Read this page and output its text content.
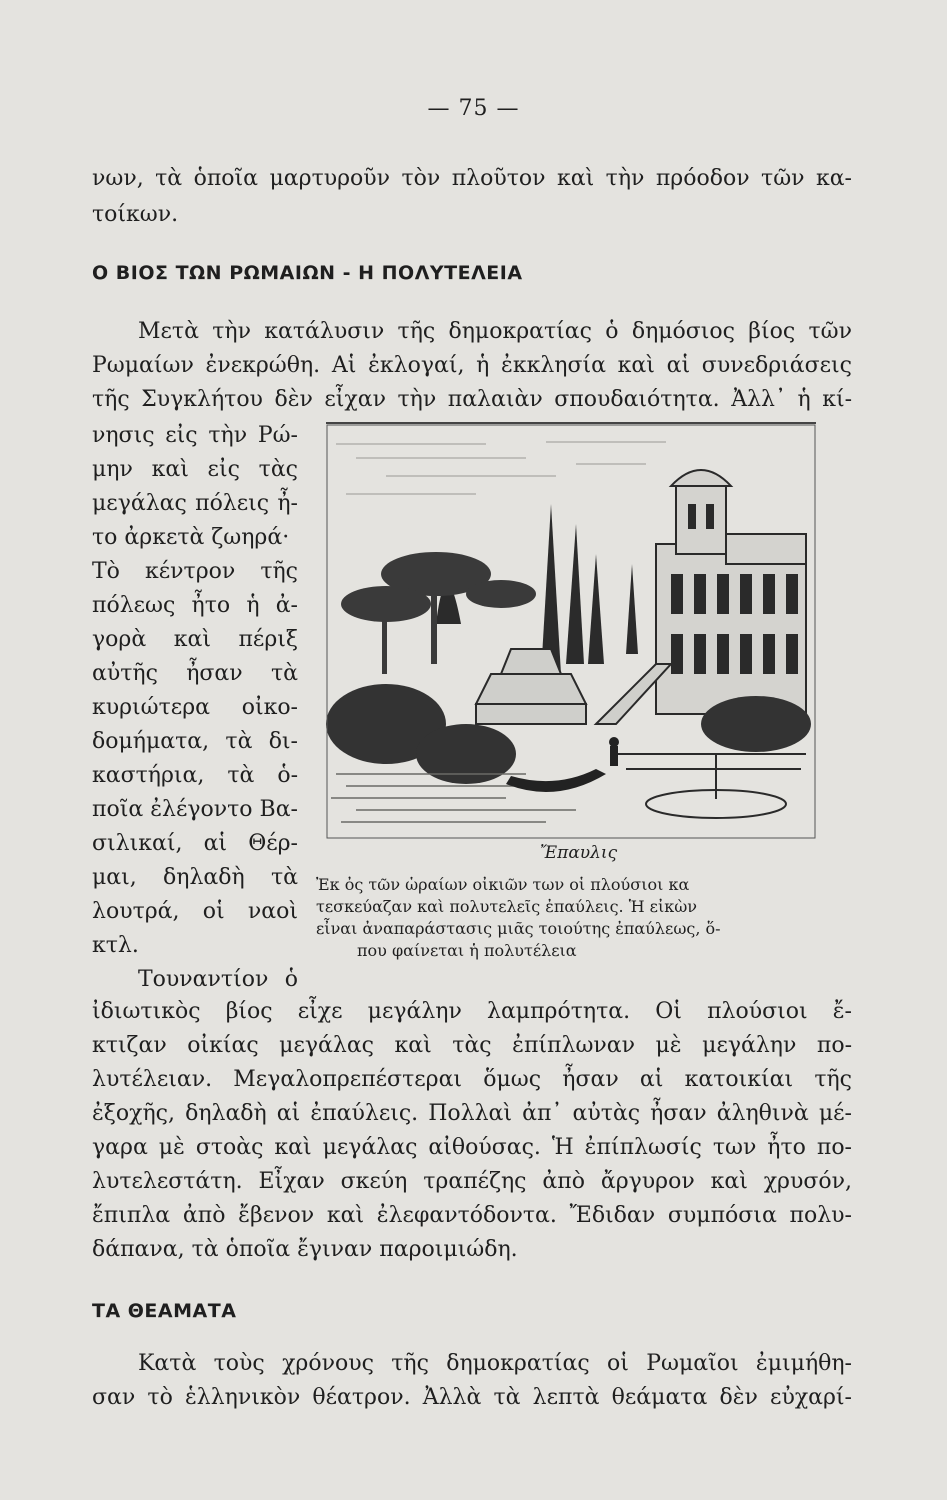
— 75 —
νων, τὰ ὁποῖα μαρτυροῦν τὸν πλοῦτον καὶ τὴν πρόοδον τῶν κα-
τοίκων.
Ο ΒΙΟΣ ΤΩΝ ΡΩΜΑΙΩΝ - Η ΠΟΛΥΤΕΛΕΙΑ
Μετὰ τὴν κατάλυσιν τῆς δημοκρατίας ὁ δημόσιος βίος τῶν
Ρωμαίων ἐνεκρώθη. Αἱ ἐκλογαί, ἡ ἐκκλησία καὶ αἱ συνεδριάσεις
τῆς Συγκλήτου δὲν εἶχαν τὴν παλαιὰν σπουδαιότητα. Ἀλλ᾽ ἡ κί-
νησις εἰς τὴν Ρώ-
μην καὶ εἰς τὰς
μεγάλας πόλεις ἦ-
το ἀρκετὰ ζωηρά·
Τὸ κέντρον τῆς
πόλεως ἦτο ἡ ἀ-
γορὰ καὶ πέριξ
αὐτῆς ἦσαν τὰ
κυριώτερα οἰκο-
δομήματα, τὰ δι-
καστήρια, τὰ ὁ-
ποῖα ἐλέγοντο Βα-
σιλικαί, αἱ Θέρ-
μαι, δηλαδὴ τὰ
λουτρά, οἱ ναοὶ
κτλ.
Τουναντίον ὁ
Ἔπαυλις
Ἐκ ὀς τῶν ὡραίων οἰκιῶν των οἱ πλούσιοι κα
τεσκεύαζαν καὶ πολυτελεῖς ἐπαύλεις. Ἡ εἰκὼν
εἶναι ἀναπαράστασις μιᾶς τοιούτης ἐπαύλεως, ὅ-
που φαίνεται ἡ πολυτέλεια
ἰδιωτικὸς βίος εἶχε μεγάλην λαμπρότητα. Οἱ πλούσιοι ἔ-
κτιζαν οἰκίας μεγάλας καὶ τὰς ἐπίπλωναν μὲ μεγάλην πο-
λυτέλειαν. Μεγαλοπρεπέστεραι ὅμως ἦσαν αἱ κατοικίαι τῆς
ἐξοχῆς, δηλαδὴ αἱ ἐπαύλεις. Πολλαὶ ἀπ᾽ αὐτὰς ἦσαν ἀληθινὰ μέ-
γαρα μὲ στοὰς καὶ μεγάλας αἰθούσας. Ἡ ἐπίπλωσίς των ἦτο πο-
λυτελεστάτη. Εἶχαν σκεύη τραπέζης ἀπὸ ἄργυρον καὶ χρυσόν,
ἔπιπλα ἀπὸ ἔβενον καὶ ἐλεφαντόδοντα. Ἔδιδαν συμπόσια πολυ-
δάπανα, τὰ ὁποῖα ἔγιναν παροιμιώδη.
ΤΑ ΘΕΑΜΑΤΑ
Κατὰ τοὺς χρόνους τῆς δημοκρατίας οἱ Ρωμαῖοι ἐμιμήθη-
σαν τὸ ἑλληνικὸν θέατρον. Ἀλλὰ τὰ λεπτὰ θεάματα δὲν εὐχαρί-
